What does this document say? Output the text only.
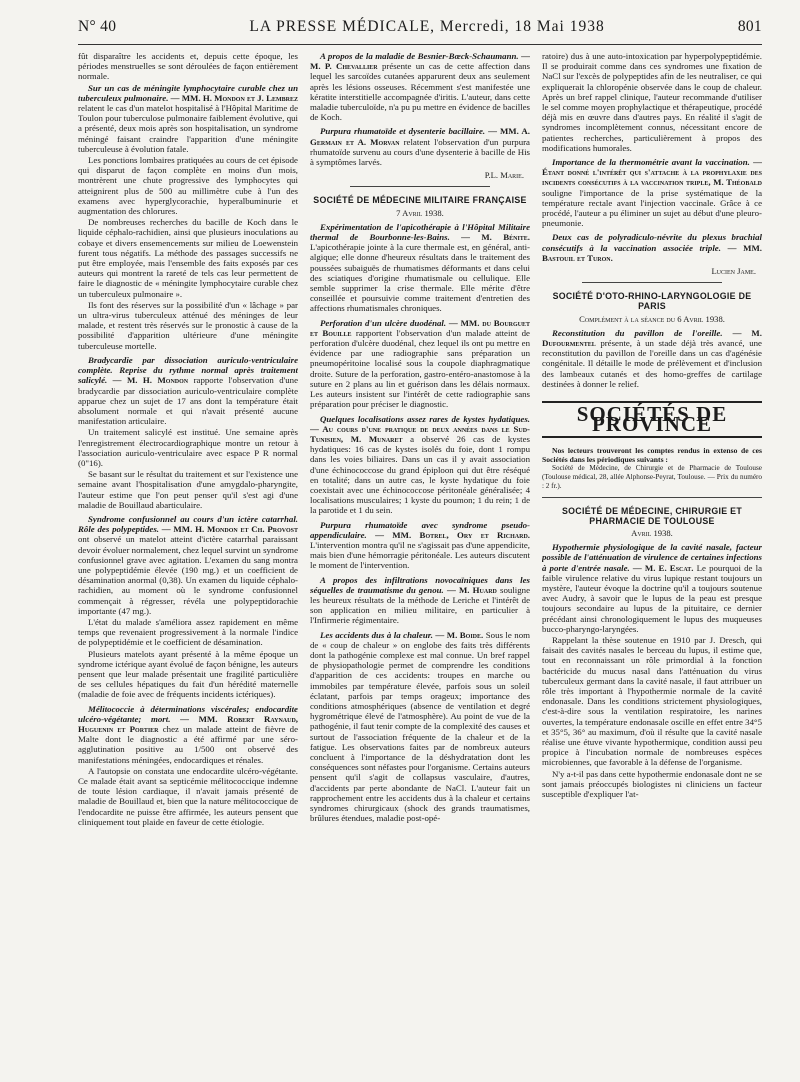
N° 40	LA PRESSE MÉDICALE, Mercredi, 18 Mai 1938	801

fût disparaître les accidents et, depuis cette époque, les périodes menstruelles se sont déroulées de façon entièrement normale.

Sur un cas de méningite lymphocytaire curable chez un tuberculeux pulmonaire. — MM. H. Mondon et J. Lembrez relatent le cas d'un matelot hospitalisé à l'Hôpital Maritime de Toulon pour tuberculose pulmonaire faiblement évolutive, qui a présenté, deux mois après son hospitalisation, un syndrome méningé faisant craindre l'apparition d'une méningite tuberculeuse à évolution fatale.

Les ponctions lombaires pratiquées au cours de cet épisode qui disparut de façon complète en moins d'un mois, montrèrent une chute progressive des lymphocytes qui atteignirent plus de 500 au millimètre cube à l'un des examens avec hyperglycorachie, hyperalbuminurie et augmentation des chlorures.

De nombreuses recherches du bacille de Koch dans le liquide céphalo-rachidien, ainsi que plusieurs inoculations au cobaye et divers ensemencements sur milieu de Loewenstein furent tous négatifs. La méthode des passages successifs ne put être employée, mais l'ensemble des faits exposés par ces auteurs qui montrent la rareté de tels cas leur permettent de faire le diagnostic de « méningite lymphocytaire curable chez un tuberculeux pulmonaire ».

Ils font des réserves sur la possibilité d'un « lâchage » par un ultra-virus tuberculeux atténué des méninges de leur malade, et restent très réservés sur le pronostic à cause de la possibilité d'apparition ultérieure d'une méningite tuberculeuse mortelle.

Bradycardie par dissociation auriculo-ventriculaire complète. Reprise du rythme normal après traitement salicylé. — M. H. Mondon rapporte l'observation d'une bradycardie par dissociation auriculo-ventriculaire complète apparue chez un sujet de 17 ans dont la température était absolument normale et qui n'avait présenté aucune manifestation articulaire.

Un traitement salicylé est institué. Une semaine après l'enregistrement électrocardiographique montre un retour à l'association auriculo-ventriculaire avec espace P R normal (0"16).

Se basant sur le résultat du traitement et sur l'existence une semaine avant l'hospitalisation d'une amygdalo-pharyngite, l'auteur estime que l'on peut penser qu'il s'est agi d'une maladie de Bouillaud abarticulaire.

Syndrome confusionnel au cours d'un ictère catarrhal. Rôle des polypeptides. — MM. H. Mondon et Ch. Provost ont observé un matelot atteint d'ictère catarrhal paraissant devoir évoluer normalement, chez lequel survint un syndrome confusionnel grave avec agitation. L'examen du sang montra une polypeptidémie élevée (190 mg.) et un coefficient de désamination anormal (0,38). Un examen du liquide céphalo-rachidien, au moment où le syndrome confusionnel commençait à régresser, révéla une polypeptidorachie importante (47 mg.).

L'état du malade s'améliora assez rapidement en même temps que revenaient progressivement à la normale l'indice de polypeptidémie et le coefficient de désamination.

Plusieurs matelots ayant présenté à la même époque un syndrome ictérique ayant évolué de façon bénigne, les auteurs pensent que leur malade présentait une fragilité particulière de ses cellules hépatiques du fait d'un hérédité maternelle (maladie de foie avec de fréquents incidents ictériques).

Mélitococcie à déterminations viscérales; endocardite ulcéro-végétante; mort. — MM. Robert Raynaud, Huguenin et Portier chez un malade atteint de fièvre de Malte dont le diagnostic a été affirmé par une séro-agglutination positive au 1/500 ont observé des manifestations méningées, endocardiques et rénales.

A l'autopsie on constata une endocardite ulcéro-végétante. Ce malade était avant sa septicémie mélitococcique indemne de toute lésion cardiaque, il n'avait jamais présenté de maladie de Bouillaud et, bien que la nature mélitococcique de l'endocardite ne puisse être affirmée, les auteurs pensent que cliniquement tout plaide en faveur de cette étiologie.

A propos de la maladie de Besnier-Bœck-Schaumann. — M. P. Chevallier présente un cas de cette affection dans lequel les sarcoïdes cutanées apparurent deux ans seulement après les lésions osseuses. Récemment s'est manifestée une kératite interstitielle accompagnée d'iritis. L'auteur, dans cette maladie tuberculoïde, n'a pu pu mettre en évidence de bacilles de Koch.

Purpura rhumatoïde et dysenterie bacillaire. — MM. A. Germain et A. Morvan relatent l'observation d'un purpura rhumatoïde survenu au cours d'une dysenterie à bacille de His à symptômes larvés.

P.L. Marie.
SOCIÉTÉ DE MÉDECINE MILITAIRE FRANÇAISE
7 Avril 1938.

Expérimentation de l'apicothérapie à l'Hôpital Militaire thermal de Bourbonne-les-Bains. — M. Bénite. L'apicothérapie jointe à la cure thermale est, en général, anti-algique; elle donne d'heureux résultats dans le traitement des poussées subaiguës de rhumatismes déformants et dans celui des sciatiques d'origine rhumatismale ou cellulique. Elle semble supprimer la crise thermale. Elle mérite d'être conseillée et poursuivie comme traitement d'entretien des affections rhumatismales chroniques.

Perforation d'un ulcère duodénal. — MM. du Bourguet et Bouille rapportent l'observation d'un malade atteint de perforation d'ulcère duodénal, chez lequel ils ont pu mettre en évidence par une radiographie sans préparation un pneumopéritoine localisé sous la coupole diaphragmatique droite. Suture de la perforation, gastro-entéro-anastomose à la suture en 2 plans au lin et guérison dans les délais normaux. Les auteurs insistent sur l'intérêt de cette radiographie sans préparation pour préciser le diagnostic.

Quelques localisations assez rares de kystes hydatiques. — Au cours d'une pratique de deux années dans le Sud-Tunisien, M. Munaret a observé 26 cas de kystes hydatiques: 16 cas de kystes isolés du foie, dont 1 rompu dans les voies biliaires. Dans un cas il y avait association d'une échinococcose du grand épiploon qui dut être réséqué en totalité; dans un autre cas, le kyste hydatique du foie coexistait avec une échinococcose péritonéale généralisée; 4 localisations musculaires; 1 kyste du poumon; 1 du rein; 1 de la parotide et 1 du sein.

Purpura rhumatoïde avec syndrome pseudo-appendiculaire. — MM. Botrel, Ory et Richard. L'intervention montra qu'il ne s'agissait pas d'une appendicite, mais bien d'une hémorragie péritonéale. Les auteurs discutent le moment de l'intervention.

A propos des infiltrations novocaïniques dans les séquelles de traumatisme du genou. — M. Huard souligne les heureux résultats de la méthode de Leriche et l'intérêt de son application en milieu militaire, en particulier à l'Infirmerie régimentaire.

Les accidents dus à la chaleur. — M. Boide. Sous le nom de « coup de chaleur » on englobe des faits très différents dont la pathogénie complexe est mal connue. Un bref rappel de physiopathologie permet de comprendre les conditions d'apparition de ces accidents: troupes en marche ou immobiles par température élevée, parfois sous un soleil éclatant, parfois par temps orageux; importance des conditions atmosphériques (absence de ventilation et degré hygrométrique élevé de l'atmosphère). Au point de vue de la pathogénie, il faut tenir compte de la complexité des causes et surtout de l'association fréquente de la chaleur et de la fatigue. Les observations faites par de nombreux auteurs concluent à l'importance de la déshydratation dont les conséquences sont néfastes pour l'organisme. Certains auteurs pensent qu'il s'agit de collapsus vasculaire, d'autres, d'accidents par perte abondante de NaCl. L'auteur fait un rapprochement entre les accidents dus à la chaleur et certains syndromes chirurgicaux (shock des grands traumatismes, brûlures étendues, maladie post-opé-

ratoire) dus à une auto-intoxication par hyperpolypeptidémie. Il se produirait comme dans ces syndromes une fixation de NaCl sur l'excès de polypeptides afin de les neutraliser, ce qui expliquerait la chloropénie observée dans le coup de chaleur. Après un bref rappel clinique, l'auteur recommande d'utiliser le sel comme moyen prophylactique et thérapeutique, procédé déjà mis en œuvre dans d'autres pays. En réalité il s'agit de syndromes incomplètement connus, nécessitant encore de patientes recherches, particulièrement à propos des modifications humorales.

Importance de la thermométrie avant la vaccination. — Étant donné l'intérêt qui s'attache à la prophylaxie des incidents consécutifs à la vaccination triple, M. Théobald souligne l'importance de la prise systématique de la température rectale avant l'injection vaccinale. Grâce à ce procédé, l'auteur a pu éliminer un sujet au début d'une pleuro-pneumonie.

Deux cas de polyradiculo-névrite du plexus brachial consécutifs à la vaccination associée triple. — MM. Bastouil et Turon.

Lucien Jame.
SOCIÉTÉ D'OTO-RHINO-LARYNGOLOGIE DE PARIS
Complément à la séance du 6 Avril 1938.

Reconstitution du pavillon de l'oreille. — M. Dufourmentel présente, à un stade déjà très avancé, une reconstitution du pavillon de l'oreille dans un cas d'agénésie congénitale. Il détaille le mode de prélèvement et d'inclusion des lambeaux cutanés et des homo-greffes de cartilage destinées à donner le relief.

SOCIÉTÉS DE PROVINCE

Nos lecteurs trouveront les comptes rendus in extenso de ces Sociétés dans les périodiques suivants :

Société de Médecine, de Chirurgie et de Pharmacie de Toulouse (Toulouse médical, 28, allée Alphonse-Peyrat, Toulouse. — Prix du numéro : 2 fr.).

SOCIÉTÉ DE MÉDECINE, CHIRURGIE ET PHARMACIE DE TOULOUSE
Avril 1938.

Hypothermie physiologique de la cavité nasale, facteur possible de l'atténuation de virulence de certaines infections à porte d'entrée nasale. — M. E. Escat. Le pourquoi de la faible virulence relative du virus lupique restant toujours un mystère, l'auteur évoque la doctrine qu'il a toujours soutenue avec Audry, à savoir que le lupus de la peau est presque toujours secondaire au lupus de la pituitaire, ce dernier précédant ainsi chronologiquement le lupus des muqueuses bucco-pharyngo-laryngées.

Rappelant la thèse soutenue en 1910 par J. Dresch, qui faisait des cavités nasales le berceau du lupus, il estime que, tout en reconnaissant un rôle primordial à la fonction bactéricide du mucus nasal dans l'atténuation du virus tuberculeux germant dans la cavité nasale, il faut attribuer un rôle très important à l'hypothermie normale de la cavité endonasale. Dans les conditions strictement physiologiques, c'est-à-dire sous la ventilation respiratoire, les narines ouvertes, la température endonasale oscille en effet entre 34°5 et 35°5, 36° au maximum, d'où il résulte que la cavité nasale réalise une étuve vivante hypothermique, condition aussi peu propice à l'incubation normale de nombreuses espèces microbiennes, que favorable à la défense de l'organisme.

N'y a-t-il pas dans cette hypothermie endonasale dont ne se sont jamais préoccupés biologistes ni cliniciens un facteur susceptible d'expliquer l'at-
